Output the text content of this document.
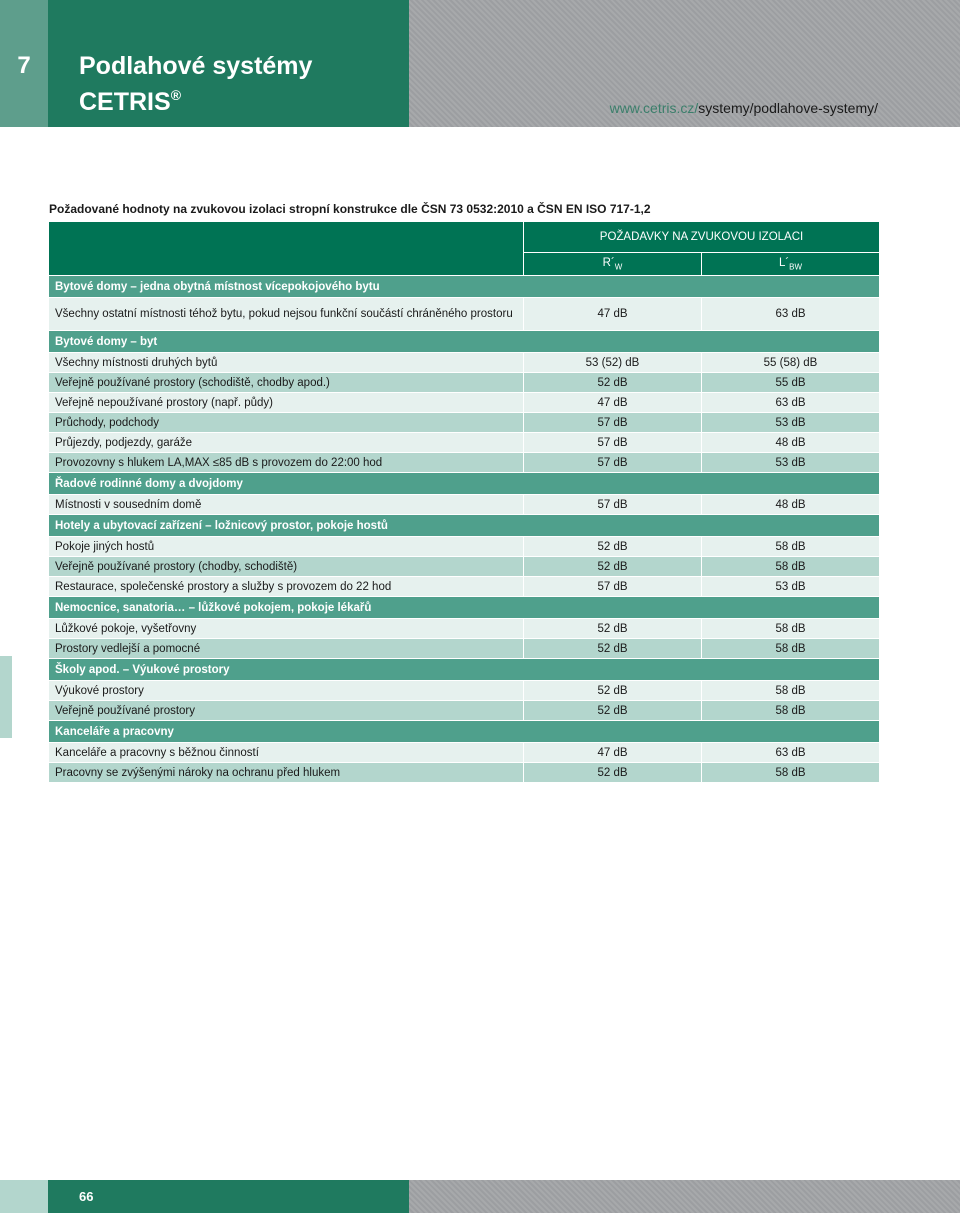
7	Podlahové systémy
CETRIS®
www.cetris.cz/systemy/podlahove-systemy/
Požadované hodnoty na zvukovou izolaci stropní konstrukce dle ČSN 73 0532:2010 a ČSN EN ISO 717-1,2
	POŽADAVKY NA ZVUKOVOU IZOLACI	
	$R´_W$	$L´_{BW}$
Bytové domy – jedna obytná místnost vícepokojového bytu		
Všechny ostatní místnosti téhož bytu, pokud nejsou funkční součástí chráněného prostoru	47 dB	63 dB
Bytové domy – byt		
Všechny místnosti druhých bytů	53 (52) dB	55 (58) dB
Veřejně používané prostory (schodiště, chodby apod.)	52 dB	55 dB
Veřejně nepoužívané prostory (např. půdy)	47 dB	63 dB
Průchody, podchody	57 dB	53 dB
Průjezdy, podjezdy, garáže	57 dB	48 dB
Provozovny s hlukem LA,MAX ≤85 dB s provozem do 22:00 hod	57 dB	53 dB
Řadové rodinné domy a dvojdomy		
Místnosti v sousedním domě	57 dB	48 dB
Hotely a ubytovací zařízení – ložnicový prostor, pokoje hostů		
Pokoje jiných hostů	52 dB	58 dB
Veřejně používané prostory (chodby, schodiště)	52 dB	58 dB
Restaurace, společenské prostory a služby s provozem do 22 hod	57 dB	53 dB
Nemocnice, sanatoria… – lůžkové pokojem, pokoje lékařů		
Lůžkové pokoje, vyšetřovny	52 dB	58 dB
Prostory vedlejší a pomocné	52 dB	58 dB
Školy apod. – Výukové prostory		
Výukové prostory	52 dB	58 dB
Veřejně používané prostory	52 dB	58 dB
Kanceláře a pracovny		
Kanceláře a pracovny s běžnou činností	47 dB	63 dB
Pracovny se zvýšenými nároky na ochranu před hlukem	52 dB	58 dB
66
